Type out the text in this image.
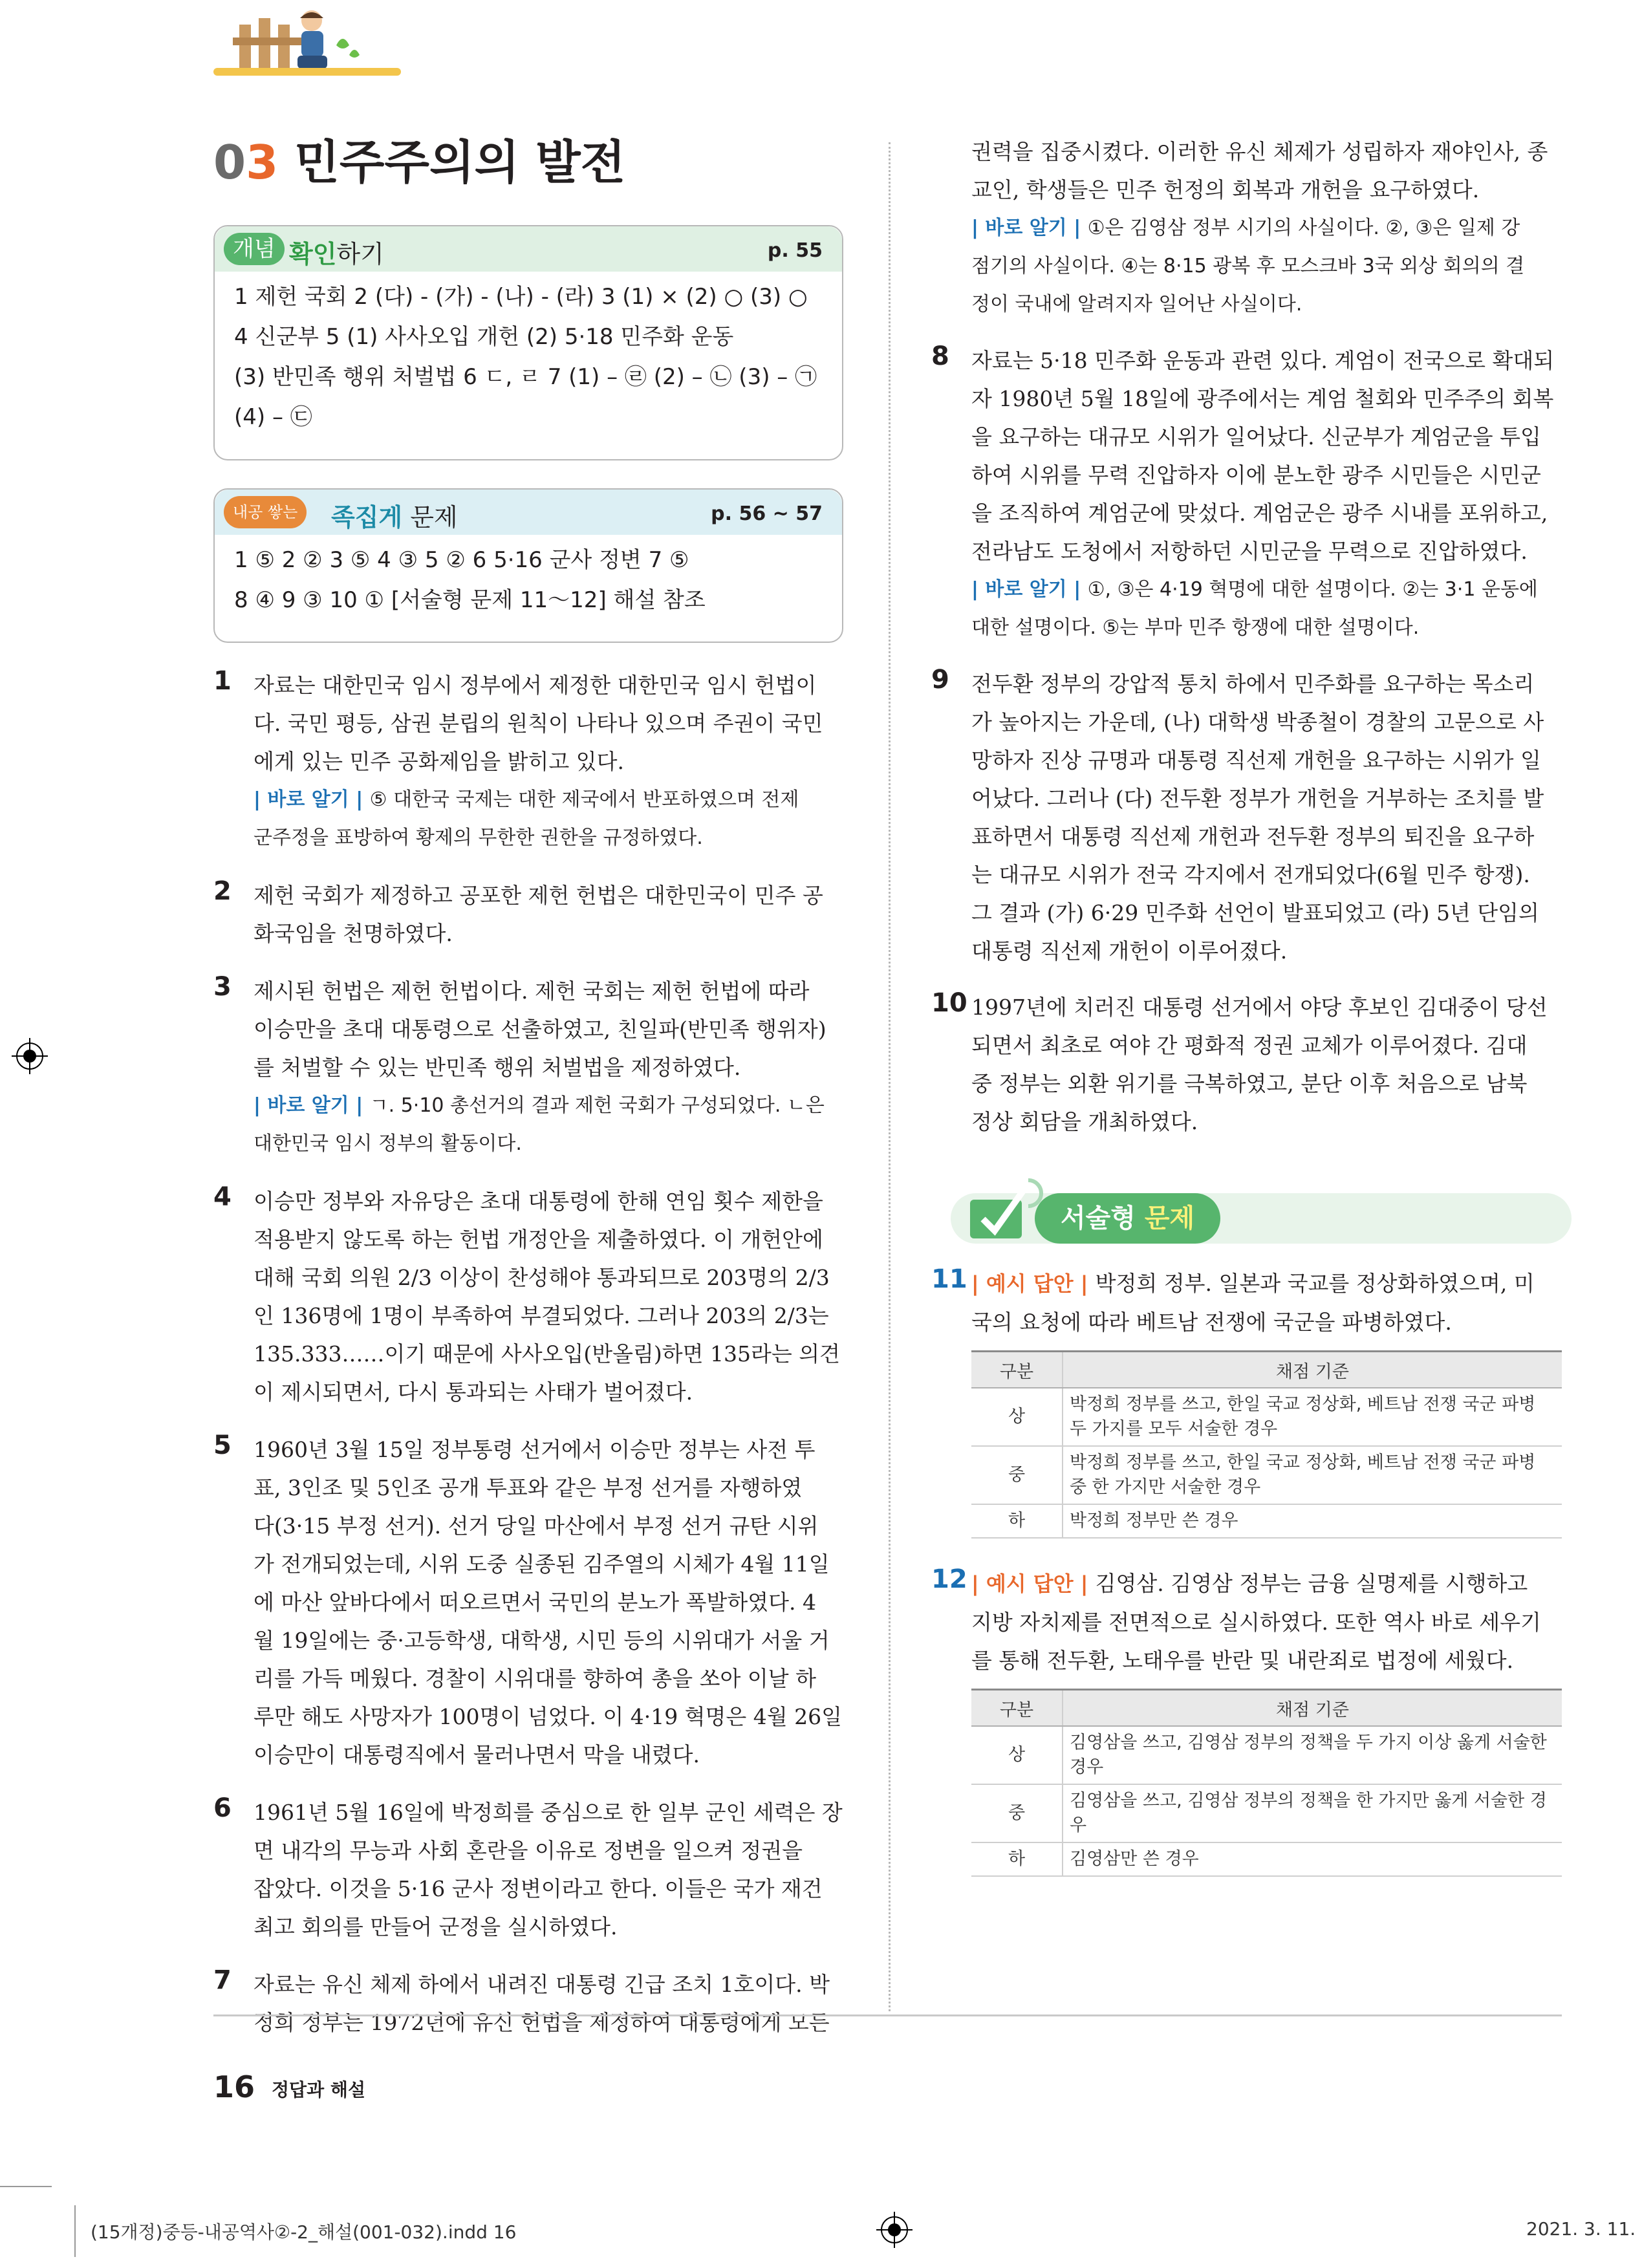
03 민주주의의 발전
개념 확인하기	p. 55
1 제헌 국회 2 (다) - (가) - (나) - (라) 3 (1) × (2) ○ (3) ○
4 신군부 5 (1) 사사오입 개헌 (2) 5·18 민주화 운동
(3) 반민족 행위 처벌법 6 ㄷ, ㄹ 7 (1) – ㉣ (2) – ㉡ (3) – ㉠
(4) – ㉢
내공 쌓는	족집게 문제	p. 56 ~ 57
1 ⑤ 2 ② 3 ⑤ 4 ③ 5 ② 6 5·16 군사 정변 7 ⑤
8 ④ 9 ③ 10 ① [서술형 문제 11～12] 해설 참조
1	자료는 대한민국 임시 정부에서 제정한 대한민국 임시 헌법이
다. 국민 평등, 삼권 분립의 원칙이 나타나 있으며 주권이 국민
에게 있는 민주 공화제임을 밝히고 있다.
| 바로 알기 | ⑤ 대한국 국제는 대한 제국에서 반포하였으며 전제
군주정을 표방하여 황제의 무한한 권한을 규정하였다.
2	제헌 국회가 제정하고 공포한 제헌 헌법은 대한민국이 민주 공
화국임을 천명하였다.
3	제시된 헌법은 제헌 헌법이다. 제헌 국회는 제헌 헌법에 따라
이승만을 초대 대통령으로 선출하였고, 친일파(반민족 행위자)
를 처벌할 수 있는 반민족 행위 처벌법을 제정하였다.
| 바로 알기 | ㄱ. 5·10 총선거의 결과 제헌 국회가 구성되었다. ㄴ은
대한민국 임시 정부의 활동이다.
4	이승만 정부와 자유당은 초대 대통령에 한해 연임 횟수 제한을
적용받지 않도록 하는 헌법 개정안을 제출하였다. 이 개헌안에
대해 국회 의원 2/3 이상이 찬성해야 통과되므로 203명의 2/3
인 136명에 1명이 부족하여 부결되었다. 그러나 203의 2/3는
135.333……이기 때문에 사사오입(반올림)하면 135라는 의견
이 제시되면서, 다시 통과되는 사태가 벌어졌다.
5	1960년 3월 15일 정부통령 선거에서 이승만 정부는 사전 투
표, 3인조 및 5인조 공개 투표와 같은 부정 선거를 자행하였
다(3·15 부정 선거). 선거 당일 마산에서 부정 선거 규탄 시위
가 전개되었는데, 시위 도중 실종된 김주열의 시체가 4월 11일
에 마산 앞바다에서 떠오르면서 국민의 분노가 폭발하였다. 4
월 19일에는 중·고등학생, 대학생, 시민 등의 시위대가 서울 거
리를 가득 메웠다. 경찰이 시위대를 향하여 총을 쏘아 이날 하
루만 해도 사망자가 100명이 넘었다. 이 4·19 혁명은 4월 26일
이승만이 대통령직에서 물러나면서 막을 내렸다.
6	1961년 5월 16일에 박정희를 중심으로 한 일부 군인 세력은 장
면 내각의 무능과 사회 혼란을 이유로 정변을 일으켜 정권을
잡았다. 이것을 5·16 군사 정변이라고 한다. 이들은 국가 재건
최고 회의를 만들어 군정을 실시하였다.
7	자료는 유신 체제 하에서 내려진 대통령 긴급 조치 1호이다. 박
정희 정부는 1972년에 유신 헌법을 제정하여 대통령에게 모든
권력을 집중시켰다. 이러한 유신 체제가 성립하자 재야인사, 종
교인, 학생들은 민주 헌정의 회복과 개헌을 요구하였다.
| 바로 알기 | ①은 김영삼 정부 시기의 사실이다. ②, ③은 일제 강
점기의 사실이다. ④는 8·15 광복 후 모스크바 3국 외상 회의의 결
정이 국내에 알려지자 일어난 사실이다.
8	자료는 5·18 민주화 운동과 관련 있다. 계엄이 전국으로 확대되
자 1980년 5월 18일에 광주에서는 계엄 철회와 민주주의 회복
을 요구하는 대규모 시위가 일어났다. 신군부가 계엄군을 투입
하여 시위를 무력 진압하자 이에 분노한 광주 시민들은 시민군
을 조직하여 계엄군에 맞섰다. 계엄군은 광주 시내를 포위하고,
전라남도 도청에서 저항하던 시민군을 무력으로 진압하였다.
| 바로 알기 | ①, ③은 4·19 혁명에 대한 설명이다. ②는 3·1 운동에
대한 설명이다. ⑤는 부마 민주 항쟁에 대한 설명이다.
9	전두환 정부의 강압적 통치 하에서 민주화를 요구하는 목소리
가 높아지는 가운데, (나) 대학생 박종철이 경찰의 고문으로 사
망하자 진상 규명과 대통령 직선제 개헌을 요구하는 시위가 일
어났다. 그러나 (다) 전두환 정부가 개헌을 거부하는 조치를 발
표하면서 대통령 직선제 개헌과 전두환 정부의 퇴진을 요구하
는 대규모 시위가 전국 각지에서 전개되었다(6월 민주 항쟁).
그 결과 (가) 6·29 민주화 선언이 발표되었고 (라) 5년 단임의
대통령 직선제 개헌이 이루어졌다.
10 1997년에 치러진 대통령 선거에서 야당 후보인 김대중이 당선
되면서 최초로 여야 간 평화적 정권 교체가 이루어졌다. 김대
중 정부는 외환 위기를 극복하였고, 분단 이후 처음으로 남북
정상 회담을 개최하였다.
서술형 문제
11 | 예시 답안 | 박정희 정부. 일본과 국교를 정상화하였으며, 미
국의 요청에 따라 베트남 전쟁에 국군을 파병하였다.
구분	채점 기준
상	박정희 정부를 쓰고, 한일 국교 정상화, 베트남 전쟁 국군 파병 두 가지를 모두 서술한 경우
중	박정희 정부를 쓰고, 한일 국교 정상화, 베트남 전쟁 국군 파병 중 한 가지만 서술한 경우
하	박정희 정부만 쓴 경우
12 | 예시 답안 | 김영삼. 김영삼 정부는 금융 실명제를 시행하고
지방 자치제를 전면적으로 실시하였다. 또한 역사 바로 세우기
를 통해 전두환, 노태우를 반란 및 내란죄로 법정에 세웠다.
구분	채점 기준
상	김영삼을 쓰고, 김영삼 정부의 정책을 두 가지 이상 옳게 서술한 경우
중	김영삼을 쓰고, 김영삼 정부의 정책을 한 가지만 옳게 서술한 경우
하	김영삼만 쓴 경우
16 정답과 해설
(15개정)중등-내공역사②-2_해설(001-032).indd 16	2021. 3. 11.
